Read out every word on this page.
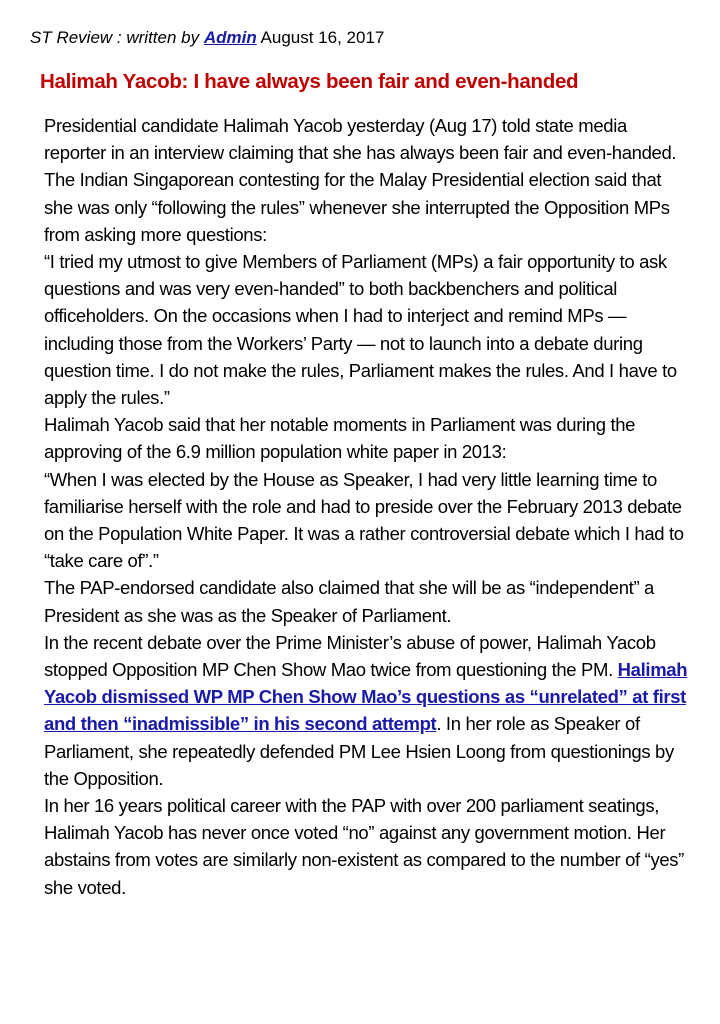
ST Review : written by Admin August 16, 2017
Halimah Yacob: I have always been fair and even-handed

Presidential candidate Halimah Yacob yesterday (Aug 17) told state media reporter in an interview claiming that she has always been fair and even-handed. The Indian Singaporean contesting for the Malay Presidential election said that she was only “following the rules” whenever she interrupted the Opposition MPs from asking more questions:

“I tried my utmost to give Members of Parliament (MPs) a fair opportunity to ask questions and was very even-handed” to both backbenchers and political officeholders. On the occasions when I had to interject and remind MPs — including those from the Workers’ Party — not to launch into a debate during question time. I do not make the rules, Parliament makes the rules. And I have to apply the rules.”

Halimah Yacob said that her notable moments in Parliament was during the approving of the 6.9 million population white paper in 2013:

“When I was elected by the House as Speaker, I had very little learning time to familiarise herself with the role and had to preside over the February 2013 debate on the Population White Paper. It was a rather controversial debate which I had to “take care of”.”

The PAP-endorsed candidate also claimed that she will be as “independent” a President as she was as the Speaker of Parliament.

In the recent debate over the Prime Minister’s abuse of power, Halimah Yacob stopped Opposition MP Chen Show Mao twice from questioning the PM. Halimah Yacob dismissed WP MP Chen Show Mao’s questions as “unrelated” at first and then “inadmissible” in his second attempt. In her role as Speaker of Parliament, she repeatedly defended PM Lee Hsien Loong from questionings by the Opposition.

In her 16 years political career with the PAP with over 200 parliament seatings, Halimah Yacob has never once voted “no” against any government motion. Her abstains from votes are similarly non-existent as compared to the number of “yes” she voted.
